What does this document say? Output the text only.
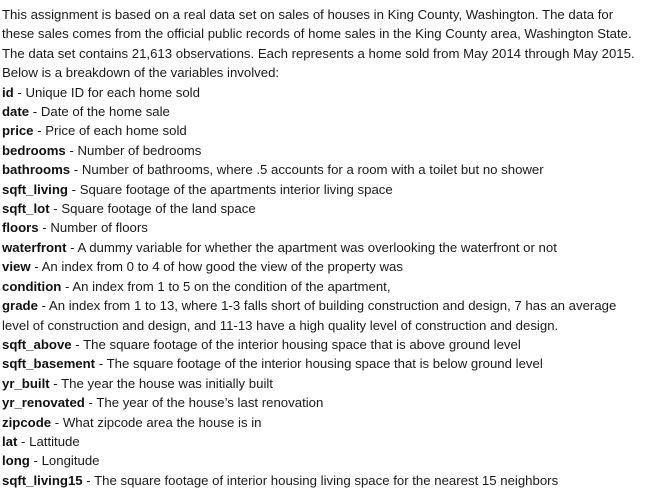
This assignment is based on a real data set on sales of houses in King County, Washington. The data for these sales comes from the official public records of home sales in the King County area, Washington State. The data set contains 21,613 observations. Each represents a home sold from May 2014 through May 2015. Below is a breakdown of the variables involved:

id - Unique ID for each home sold
date - Date of the home sale
price - Price of each home sold
bedrooms - Number of bedrooms
bathrooms - Number of bathrooms, where .5 accounts for a room with a toilet but no shower
sqft_living - Square footage of the apartments interior living space
sqft_lot - Square footage of the land space
floors - Number of floors
waterfront - A dummy variable for whether the apartment was overlooking the waterfront or not
view - An index from 0 to 4 of how good the view of the property was
condition - An index from 1 to 5 on the condition of the apartment,
grade - An index from 1 to 13, where 1-3 falls short of building construction and design, 7 has an average level of construction and design, and 11-13 have a high quality level of construction and design.
sqft_above - The square footage of the interior housing space that is above ground level
sqft_basement - The square footage of the interior housing space that is below ground level
yr_built - The year the house was initially built
yr_renovated - The year of the house’s last renovation
zipcode - What zipcode area the house is in
lat - Lattitude
long - Longitude
sqft_living15 - The square footage of interior housing living space for the nearest 15 neighbors
